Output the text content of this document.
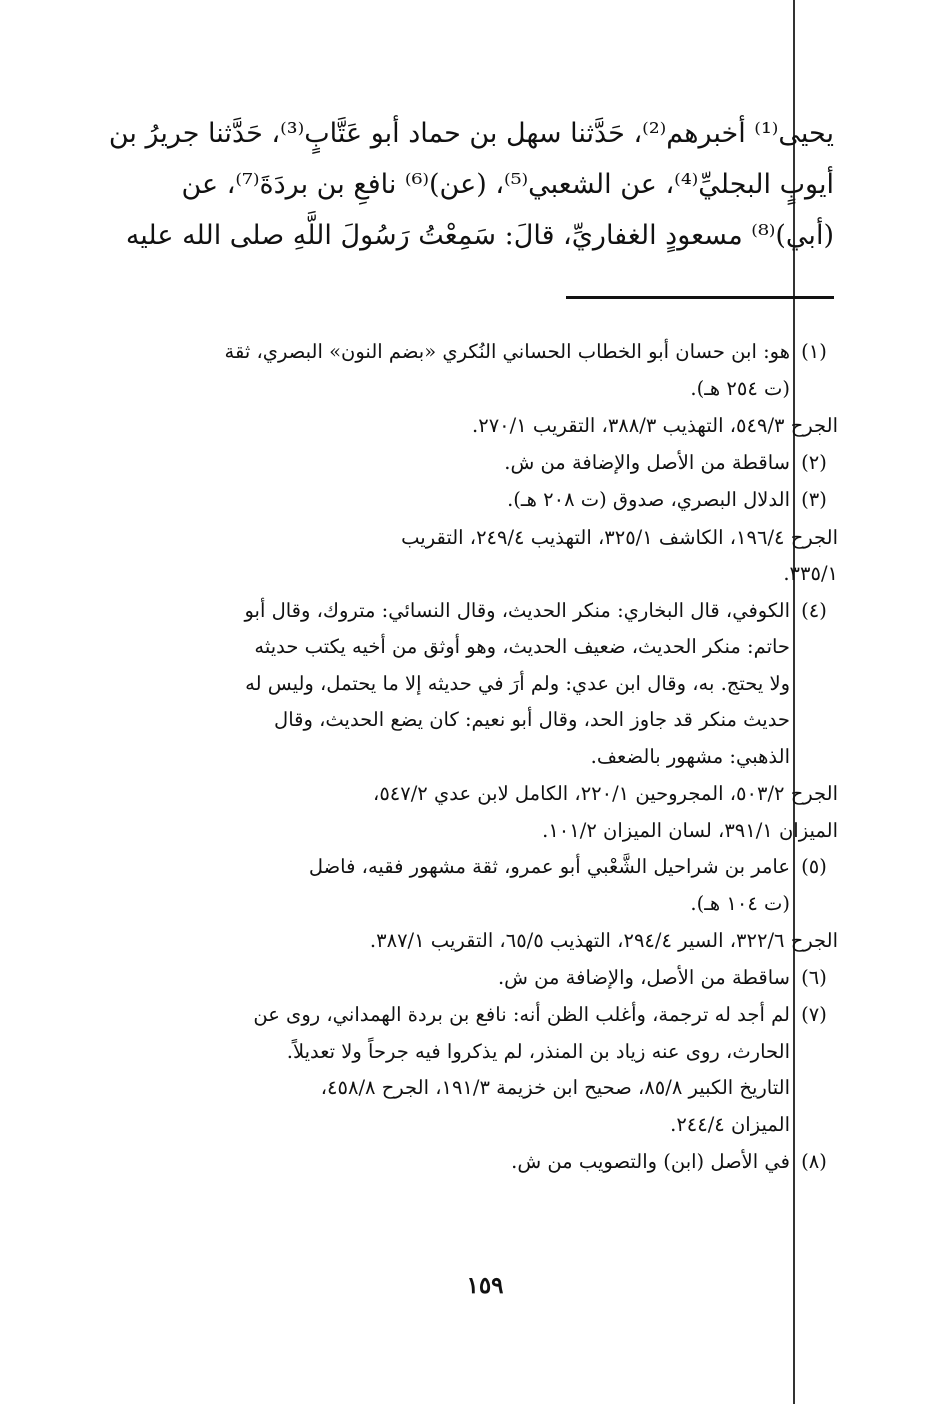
يحيى⁽¹⁾ أخبرهم⁽²⁾، حَدَّثنا سهل بن حماد أبو عَتَّابٍ⁽³⁾، حَدَّثنا جريرُ بن
أيوبٍ البجليِّ⁽⁴⁾، عن الشعبي⁽⁵⁾، (عن)⁽⁶⁾ نافعِ بن بردَةَ⁽⁷⁾، عن
(أبي)⁽⁸⁾ مسعودٍ الغفاريِّ، قالَ: سَمِعْتُ رَسُولَ اللَّهِ صلى الله عليه
(١)
هو: ابن حسان أبو الخطاب الحساني النُكري «بضم النون» البصري، ثقة
(ت ٢٥٤ هـ).
الجرح ٥٤٩/٣، التهذيب ٣٨٨/٣، التقريب ٢٧٠/١.
(٢)
ساقطة من الأصل والإضافة من ش.
(٣)
الدلال البصري، صدوق (ت ٢٠٨ هـ).
الجرح ١٩٦/٤، الكاشف ٣٢٥/١، التهذيب ٢٤٩/٤، التقريب
٣٣٥/١.
(٤)
الكوفي، قال البخاري: منكر الحديث، وقال النسائي: متروك، وقال أبو
حاتم: منكر الحديث، ضعيف الحديث، وهو أوثق من أخيه يكتب حديثه
ولا يحتج. به، وقال ابن عدي: ولم أرَ في حديثه إلا ما يحتمل، وليس له
حديث منكر قد جاوز الحد، وقال أبو نعيم: كان يضع الحديث، وقال
الذهبي: مشهور بالضعف.
الجرح ٥٠٣/٢، المجروحين ٢٢٠/١، الكامل لابن عدي ٥٤٧/٢،
الميزان ٣٩١/١، لسان الميزان ١٠١/٢.
(٥)
عامر بن شراحيل الشَّعْبي أبو عمرو، ثقة مشهور فقيه، فاضل
(ت ١٠٤ هـ).
الجرح ٣٢٢/٦، السير ٢٩٤/٤، التهذيب ٦٥/٥، التقريب ٣٨٧/١.
(٦)
ساقطة من الأصل، والإضافة من ش.
(٧)
لم أجد له ترجمة، وأغلب الظن أنه: نافع بن بردة الهمداني، روى عن
الحارث، روى عنه زياد بن المنذر، لم يذكروا فيه جرحاً ولا تعديلاً.
التاريخ الكبير ٨٥/٨، صحيح ابن خزيمة ١٩١/٣، الجرح ٤٥٨/٨،
الميزان ٢٤٤/٤.
(٨)
في الأصل (ابن) والتصويب من ش.
١٥٩
